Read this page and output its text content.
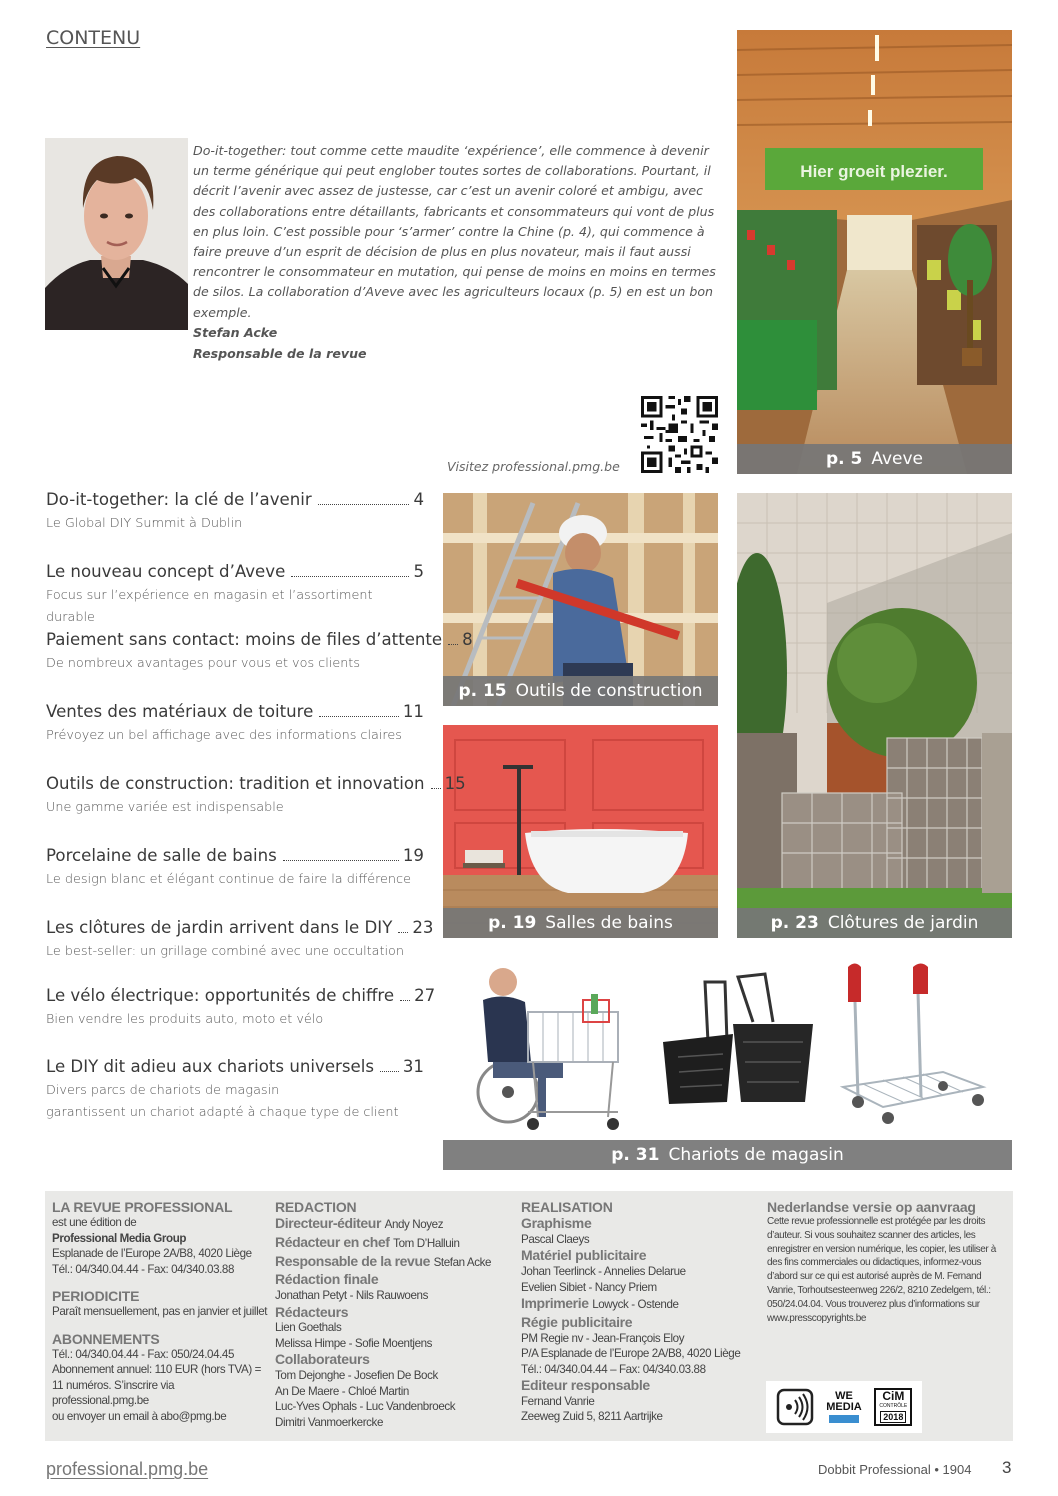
CONTENU
Do-it-together: tout comme cette maudite ‘expérience’, elle commence à devenir un terme générique qui peut englober toutes sortes de collaborations. Pourtant, il décrit l’avenir avec assez de justesse, car c’est un avenir coloré et ambigu, avec des collaborations entre détaillants, fabricants et consommateurs qui vont de plus en plus loin. C’est possible pour ‘s’armer’ contre la Chine (p. 4), qui commence à faire preuve d’un esprit de décision de plus en plus novateur, mais il faut aussi rencontrer le consommateur en mutation, qui pense de moins en moins en termes de silos. La collaboration d’Aveve avec les agriculteurs locaux (p. 5) en est un bon exemple.
Stefan Acke
Responsable de la revue
Visitez professional.pmg.be
Hier groeit plezier.
p. 5 Aveve
p. 15 Outils de construction
p. 19 Salles de bains	p. 23 Clôtures de jardin
p. 31 Chariots de magasin
Do-it-together: la clé de l’avenir	4
Le Global DIY Summit à Dublin
Le nouveau concept d’Aveve	5
Focus sur l’expérience en magasin et l’assortiment durable
Paiement sans contact: moins de files d’attente 8
De nombreux avantages pour vous et vos clients
Ventes des matériaux de toiture	11
Prévoyez un bel affichage avec des informations claires
Outils de construction: tradition et innovation 15
Une gamme variée est indispensable
Porcelaine de salle de bains	19
Le design blanc et élégant continue de faire la différence
Les clôtures de jardin arrivent dans le DIY 23
Le best-seller: un grillage combiné avec une occultation
Le vélo électrique: opportunités de chiffre 27
Bien vendre les produits auto, moto et vélo
Le DIY dit adieu aux chariots universels 31
Divers parcs de chariots de magasin
garantissent un chariot adapté à chaque type de client
LA REVUE PROFESSIONAL
est une édition de
Professional Media Group
Esplanade de l’Europe 2A/B8, 4020 Liège
Tél.: 04/340.04.44 - Fax: 04/340.03.88
PERIODICITE
Paraît mensuellement, pas en janvier et juillet
ABONNEMENTS
Tél.: 04/340.04.44 - Fax: 050/24.04.45
Abonnement annuel: 110 EUR (hors TVA) =
11 numéros. S’inscrire via professional.pmg.be
ou envoyer un email à abo@pmg.be
REDACTION
Directeur-éditeur Andy Noyez
Rédacteur en chef Tom D’Halluin
Responsable de la revue Stefan Acke
Rédaction finale
Jonathan Petyt - Nils Rauwoens
Rédacteurs
Lien Goethals
Melissa Himpe - Sofie Moentjens
Collaborateurs
Tom Dejonghe - Josefien De Bock
An De Maere - Chloé Martin
Luc-Yves Ophals - Luc Vandenbroeck
Dimitri Vanmoerkercke
REALISATION
Graphisme
Pascal Claeys
Matériel publicitaire
Johan Teerlinck - Annelies Delarue
Evelien Sibiet - Nancy Priem
Imprimerie Lowyck - Ostende
Régie publicitaire
PM Regie nv - Jean-François Eloy
P/A Esplanade de l’Europe 2A/B8, 4020 Liège
Tél.: 04/340.04.44 – Fax: 04/340.03.88
Editeur responsable
Fernand Vanrie
Zeeweg Zuid 5, 8211 Aartrijke
Nederlandse versie op aanvraag
Cette revue professionnelle est protégée par les droits d’auteur. Si vous souhaitez scanner des articles, les enregistrer en version numérique, les copier, les utiliser à des fins commerciales ou didactiques, informez-vous d’abord sur ce qui est autorisé auprès de M. Fernand Vanrie, Torhoutsesteenweg 226/2, 8210 Zedelgem, tél.: 050/24.04.04. Vous trouverez plus d’informations sur www.presscopyrights.be
WE
MEDIA
CiM
CONTRÔLE
2018
professional.pmg.be	Dobbit Professional • 1904 3
